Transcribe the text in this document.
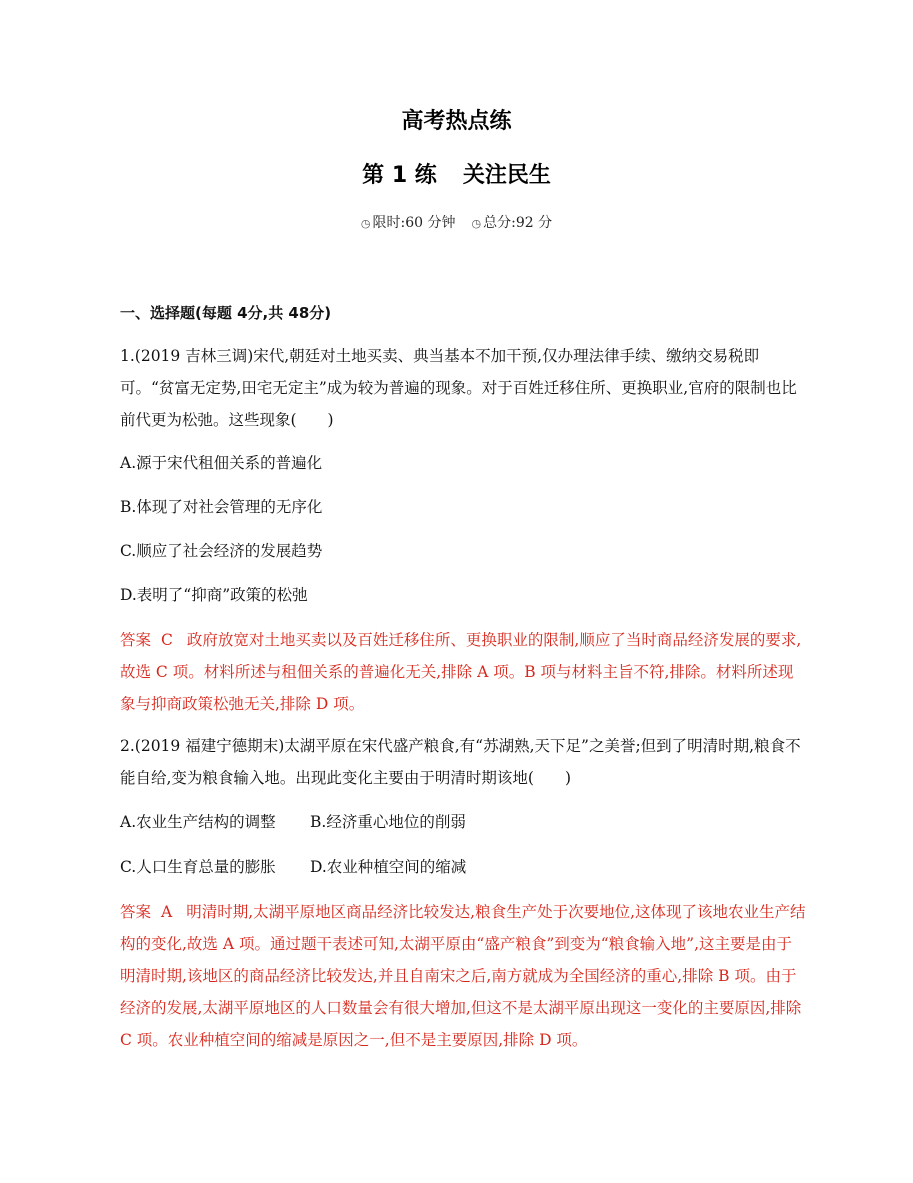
高考热点练
第 1 练 关注民生
◷ 限时:60 分钟 ◷ 总分:92 分
一、选择题(每题 4分,共 48分)
1.(2019 吉林三调)宋代,朝廷对土地买卖、典当基本不加干预,仅办理法律手续、缴纳交易税即可。“贫富无定势,田宅无定主”成为较为普遍的现象。对于百姓迁移住所、更换职业,官府的限制也比前代更为松弛。这些现象(　　)
A.源于宋代租佃关系的普遍化
B.体现了对社会管理的无序化
C.顺应了社会经济的发展趋势
D.表明了“抑商”政策的松弛
答案 C 政府放宽对土地买卖以及百姓迁移住所、更换职业的限制,顺应了当时商品经济发展的要求,故选 C 项。材料所述与租佃关系的普遍化无关,排除 A 项。B 项与材料主旨不符,排除。材料所述现象与抑商政策松弛无关,排除 D 项。
2.(2019 福建宁德期末)太湖平原在宋代盛产粮食,有“苏湖熟,天下足”之美誉;但到了明清时期,粮食不能自给,变为粮食输入地。出现此变化主要由于明清时期该地(　　)
A.农业生产结构的调整 B.经济重心地位的削弱
C.人口生育总量的膨胀 D.农业种植空间的缩减
答案 A 明清时期,太湖平原地区商品经济比较发达,粮食生产处于次要地位,这体现了该地农业生产结构的变化,故选 A 项。通过题干表述可知,太湖平原由“盛产粮食”到变为“粮食输入地”,这主要是由于明清时期,该地区的商品经济比较发达,并且自南宋之后,南方就成为全国经济的重心,排除 B 项。由于经济的发展,太湖平原地区的人口数量会有很大增加,但这不是太湖平原出现这一变化的主要原因,排除 C 项。农业种植空间的缩减是原因之一,但不是主要原因,排除 D 项。
